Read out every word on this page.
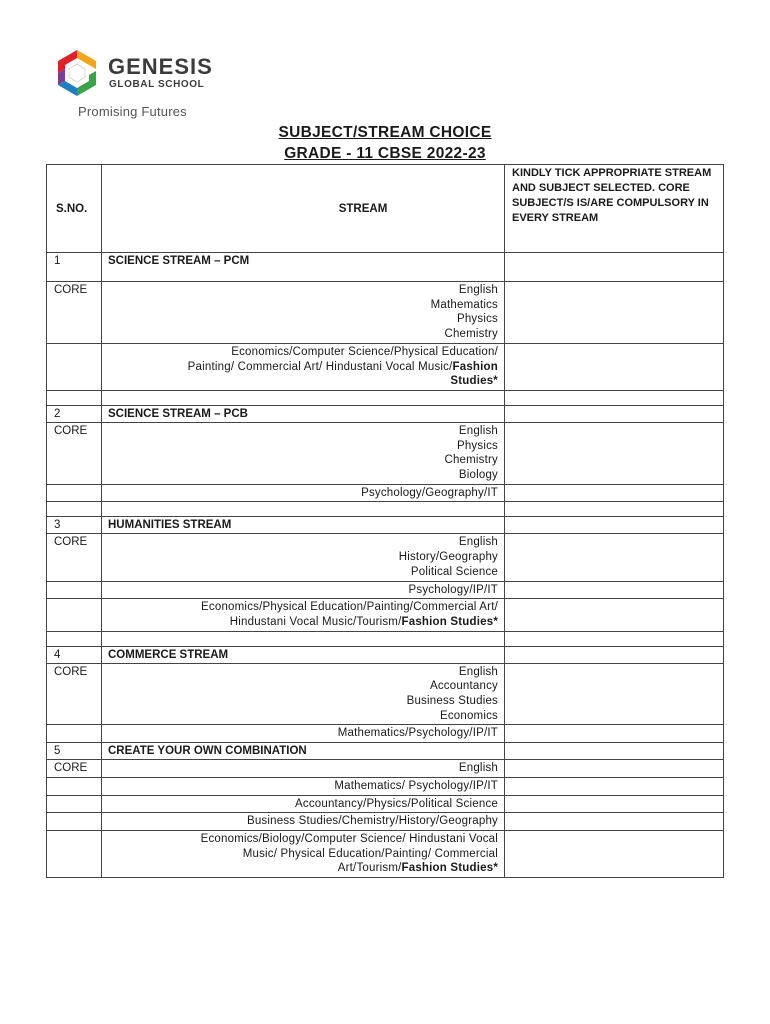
GENESIS
GLOBAL SCHOOL
Promising Futures
SUBJECT/STREAM CHOICE
GRADE - 11 CBSE 2022-23
S.NO.	STREAM	KINDLY TICK APPROPRIATE STREAM AND SUBJECT SELECTED. CORE SUBJECT/S IS/ARE COMPULSORY IN EVERY STREAM
1	SCIENCE STREAM – PCM	
CORE	English
Mathematics
Physics
Chemistry	

	Economics/Computer Science/Physical Education/
Painting/ Commercial Art/ Hindustani Vocal Music/Fashion
Studies*	

2	SCIENCE STREAM – PCB	
CORE	English
Physics
Chemistry
Biology	

	Psychology/Geography/IT	

3	HUMANITIES STREAM	
CORE	English
History/Geography
Political Science	

	Psychology/IP/IT	

	Economics/Physical Education/Painting/Commercial Art/
Hindustani Vocal Music/Tourism/Fashion Studies*	

4	COMMERCE STREAM	
CORE	English
Accountancy
Business Studies
Economics	

	Mathematics/Psychology/IP/IT	
5	CREATE YOUR OWN COMBINATION	
CORE	English	
	Mathematics/ Psychology/IP/IT	
	Accountancy/Physics/Political Science	
	Business Studies/Chemistry/History/Geography	

	Economics/Biology/Computer Science/ Hindustani Vocal
Music/ Physical Education/Painting/ Commercial
Art/Tourism/Fashion Studies*	
